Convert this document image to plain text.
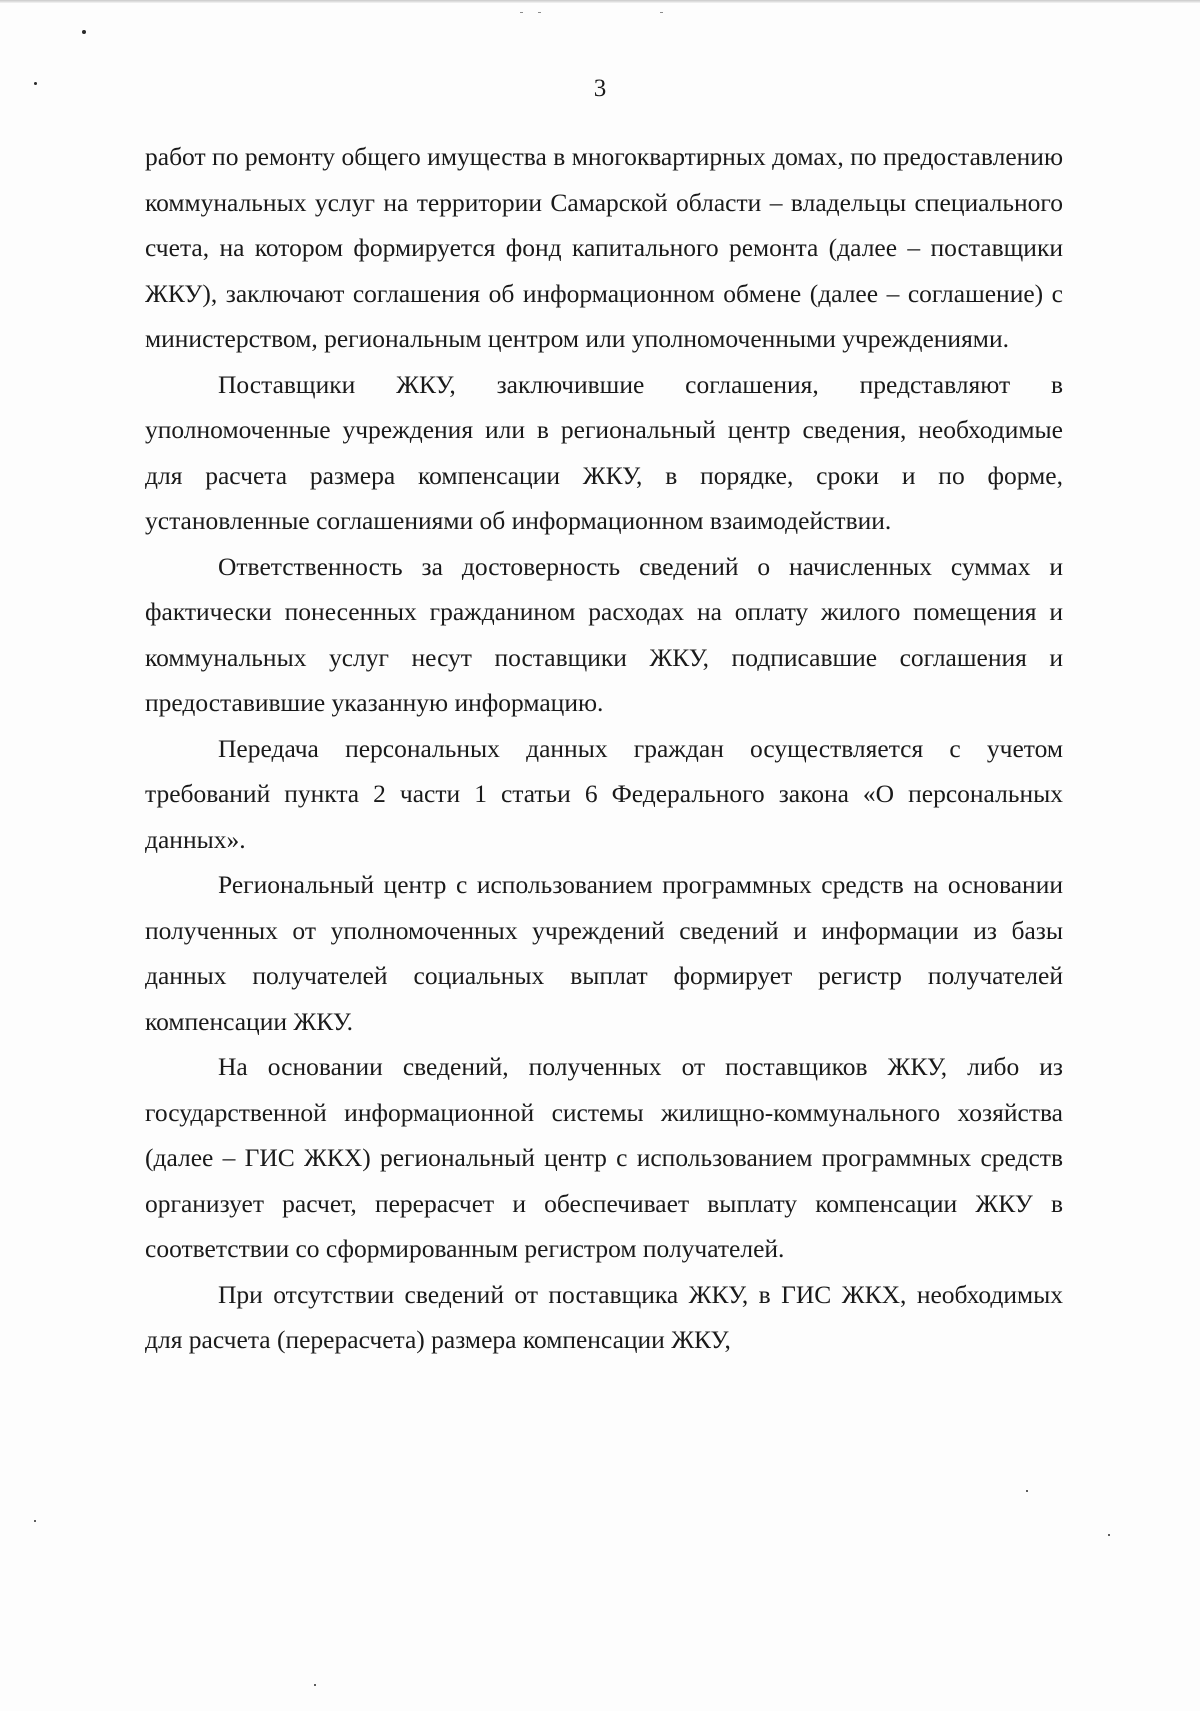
3

работ по ремонту общего имущества в многоквартирных домах, по предоставлению коммунальных услуг на территории Самарской области – владельцы специального счета, на котором формируется фонд капитального ремонта (далее – поставщики ЖКУ), заключают соглашения об информационном обмене (далее – соглашение) с министерством, региональным центром или уполномоченными учреждениями.

Поставщики ЖКУ, заключившие соглашения, представляют в уполномоченные учреждения или в региональный центр сведения, необходимые для расчета размера компенсации ЖКУ, в порядке, сроки и по форме, установленные соглашениями об информационном взаимодействии.

Ответственность за достоверность сведений о начисленных суммах и фактически понесенных гражданином расходах на оплату жилого помещения и коммунальных услуг несут поставщики ЖКУ, подписавшие соглашения и предоставившие указанную информацию.

Передача персональных данных граждан осуществляется с учетом требований пункта 2 части 1 статьи 6 Федерального закона «О персональных данных».

Региональный центр с использованием программных средств на основании полученных от уполномоченных учреждений сведений и информации из базы данных получателей социальных выплат формирует регистр получателей компенсации ЖКУ.

На основании сведений, полученных от поставщиков ЖКУ, либо из государственной информационной системы жилищно-коммунального хозяйства (далее – ГИС ЖКХ) региональный центр с использованием программных средств организует расчет, перерасчет и обеспечивает выплату компенсации ЖКУ в соответствии со сформированным регистром получателей.

При отсутствии сведений от поставщика ЖКУ, в ГИС ЖКХ, необходимых для расчета (перерасчета) размера компенсации ЖКУ,
